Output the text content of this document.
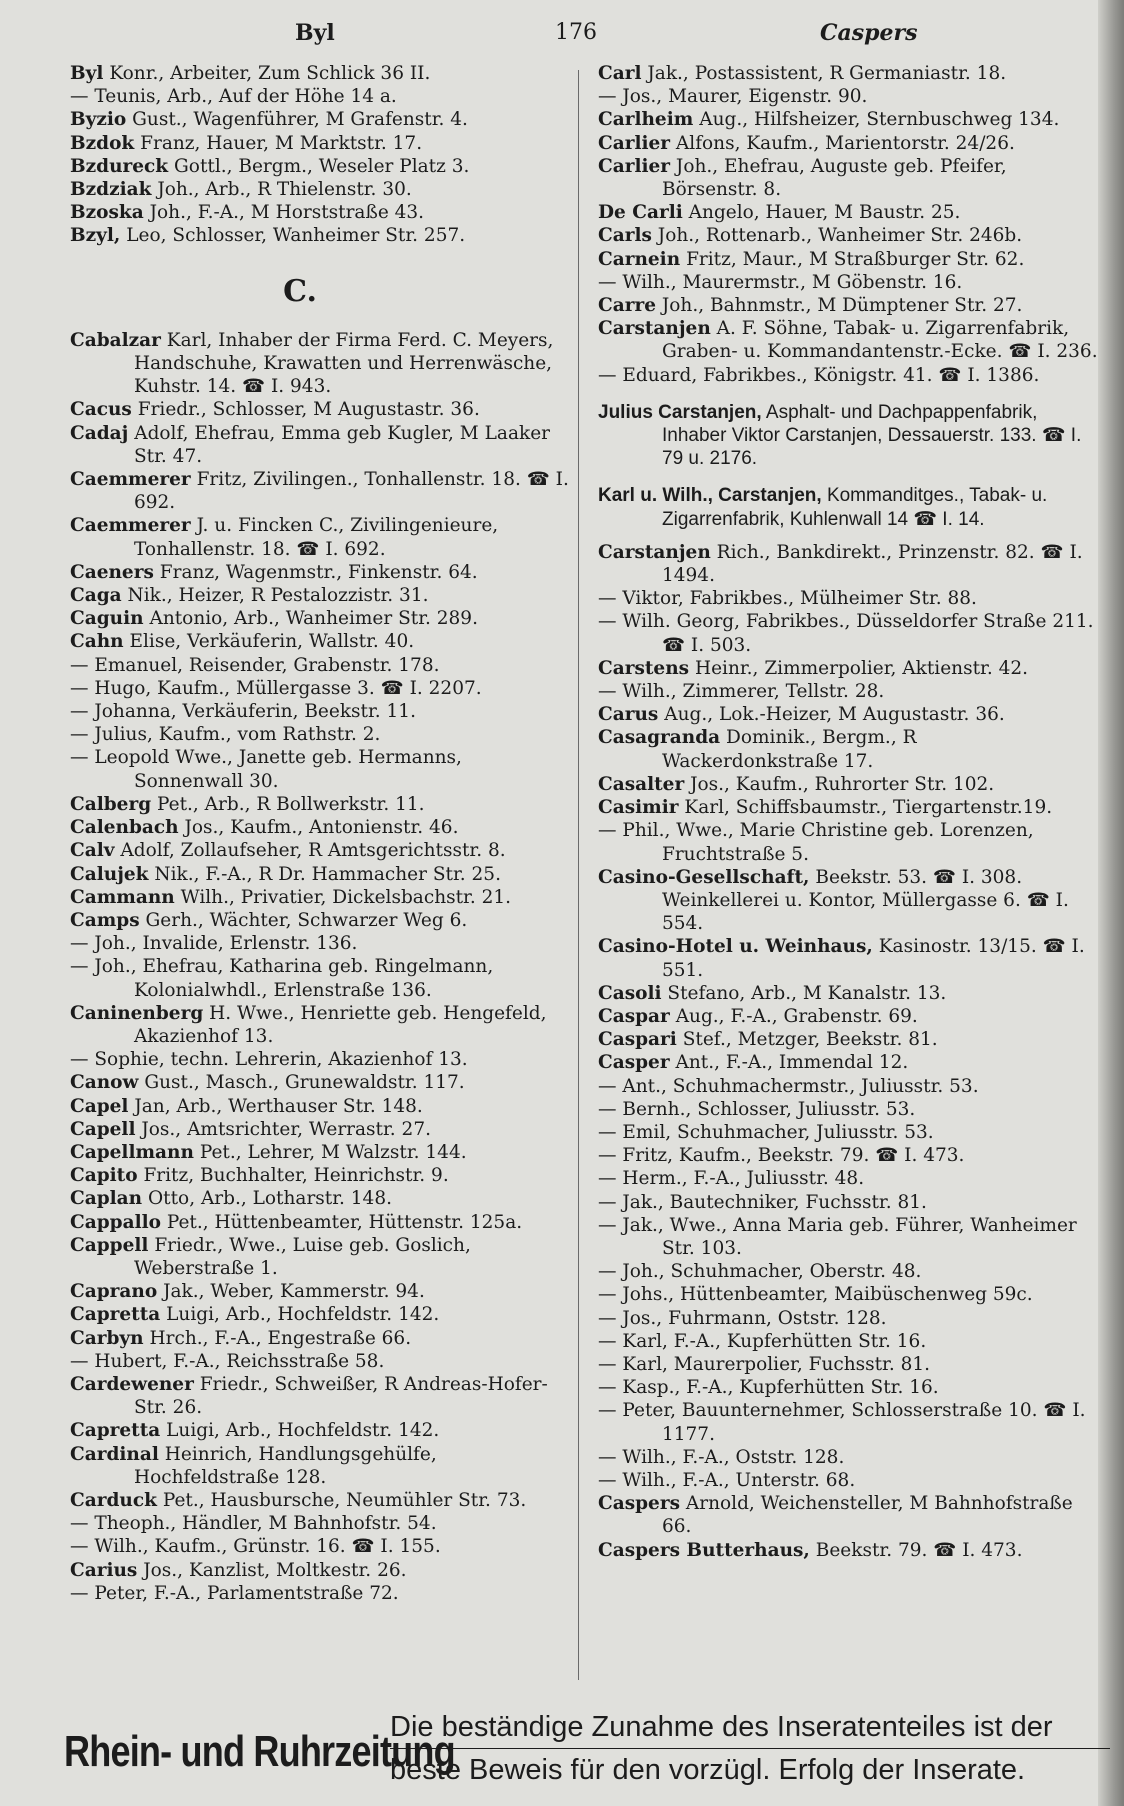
Byl	176	Caspers

Byl Konr., Arbeiter, Zum Schlick 36 II.

— Teunis, Arb., Auf der Höhe 14 a.

Byzio Gust., Wagenführer, M Grafenstr. 4.

Bzdok Franz, Hauer, M Marktstr. 17.

Bzdureck Gottl., Bergm., Weseler Platz 3.

Bzdziak Joh., Arb., R Thielenstr. 30.

Bzoska Joh., F.-A., M Horststraße 43.

Bzyl, Leo, Schlosser, Wanheimer Str. 257.

C.

Cabalzar Karl, Inhaber der Firma Ferd. C. Meyers, Handschuhe, Krawatten und Herrenwäsche, Kuhstr. 14. ☎ I. 943.

Cacus Friedr., Schlosser, M Augustastr. 36.

Cadaj Adolf, Ehefrau, Emma geb Kugler, M Laaker Str. 47.

Caemmerer Fritz, Zivilingen., Tonhallenstr. 18. ☎ I. 692.

Caemmerer J. u. Fincken C., Zivilingenieure, Tonhallenstr. 18. ☎ I. 692.

Caeners Franz, Wagenmstr., Finkenstr. 64.

Caga Nik., Heizer, R Pestalozzistr. 31.

Caguin Antonio, Arb., Wanheimer Str. 289.

Cahn Elise, Verkäuferin, Wallstr. 40.

— Emanuel, Reisender, Grabenstr. 178.

— Hugo, Kaufm., Müllergasse 3. ☎ I. 2207.

— Johanna, Verkäuferin, Beekstr. 11.

— Julius, Kaufm., vom Rathstr. 2.

— Leopold Wwe., Janette geb. Hermanns, Sonnenwall 30.

Calberg Pet., Arb., R Bollwerkstr. 11.

Calenbach Jos., Kaufm., Antonienstr. 46.

Calv Adolf, Zollaufseher, R Amtsgerichtsstr. 8.

Calujek Nik., F.-A., R Dr. Hammacher Str. 25.

Cammann Wilh., Privatier, Dickelsbachstr. 21.

Camps Gerh., Wächter, Schwarzer Weg 6.

— Joh., Invalide, Erlenstr. 136.

— Joh., Ehefrau, Katharina geb. Ringelmann, Kolonialwhdl., Erlenstraße 136.

Caninenberg H. Wwe., Henriette geb. Hengefeld, Akazienhof 13.

— Sophie, techn. Lehrerin, Akazienhof 13.

Canow Gust., Masch., Grunewaldstr. 117.

Capel Jan, Arb., Werthauser Str. 148.

Capell Jos., Amtsrichter, Werrastr. 27.

Capellmann Pet., Lehrer, M Walzstr. 144.

Capito Fritz, Buchhalter, Heinrichstr. 9.

Caplan Otto, Arb., Lotharstr. 148.

Cappallo Pet., Hüttenbeamter, Hüttenstr. 125a.

Cappell Friedr., Wwe., Luise geb. Goslich, Weberstraße 1.

Caprano Jak., Weber, Kammerstr. 94.

Capretta Luigi, Arb., Hochfeldstr. 142.

Carbyn Hrch., F.-A., Engestraße 66.

— Hubert, F.-A., Reichsstraße 58.

Cardewener Friedr., Schweißer, R Andreas-Hofer-Str. 26.

Capretta Luigi, Arb., Hochfeldstr. 142.

Cardinal Heinrich, Handlungsgehülfe, Hochfeldstraße 128.

Carduck Pet., Hausbursche, Neumühler Str. 73.

— Theoph., Händler, M Bahnhofstr. 54.

— Wilh., Kaufm., Grünstr. 16. ☎ I. 155.

Carius Jos., Kanzlist, Moltkestr. 26.

— Peter, F.-A., Parlamentstraße 72.

Carl Jak., Postassistent, R Germaniastr. 18.

— Jos., Maurer, Eigenstr. 90.

Carlheim Aug., Hilfsheizer, Sternbuschweg 134.

Carlier Alfons, Kaufm., Marientorstr. 24/26.

Carlier Joh., Ehefrau, Auguste geb. Pfeifer, Börsenstr. 8.

De Carli Angelo, Hauer, M Baustr. 25.

Carls Joh., Rottenarb., Wanheimer Str. 246b.

Carnein Fritz, Maur., M Straßburger Str. 62.

— Wilh., Maurermstr., M Göbenstr. 16.

Carre Joh., Bahnmstr., M Dümptener Str. 27.

Carstanjen A. F. Söhne, Tabak- u. Zigarrenfabrik, Graben- u. Kommandantenstr.-Ecke. ☎ I. 236.

— Eduard, Fabrikbes., Königstr. 41. ☎ I. 1386.

Julius Carstanjen, Asphalt- und Dachpappenfabrik, Inhaber Viktor Carstanjen, Dessauerstr. 133. ☎ I. 79 u. 2176.

Karl u. Wilh., Carstanjen, Kommanditges., Tabak- u. Zigarrenfabrik, Kuhlenwall 14 ☎ I. 14.

Carstanjen Rich., Bankdirekt., Prinzenstr. 82. ☎ I. 1494.

— Viktor, Fabrikbes., Mülheimer Str. 88.

— Wilh. Georg, Fabrikbes., Düsseldorfer Straße 211. ☎ I. 503.

Carstens Heinr., Zimmerpolier, Aktienstr. 42.

— Wilh., Zimmerer, Tellstr. 28.

Carus Aug., Lok.-Heizer, M Augustastr. 36.

Casagranda Dominik., Bergm., R Wackerdonkstraße 17.

Casalter Jos., Kaufm., Ruhrorter Str. 102.

Casimir Karl, Schiffsbaumstr., Tiergartenstr.19.

— Phil., Wwe., Marie Christine geb. Lorenzen, Fruchtstraße 5.

Casino-Gesellschaft, Beekstr. 53. ☎ I. 308. Weinkellerei u. Kontor, Müllergasse 6. ☎ I. 554.

Casino-Hotel u. Weinhaus, Kasinostr. 13/15. ☎ I. 551.

Casoli Stefano, Arb., M Kanalstr. 13.

Caspar Aug., F.-A., Grabenstr. 69.

Caspari Stef., Metzger, Beekstr. 81.

Casper Ant., F.-A., Immendal 12.

— Ant., Schuhmachermstr., Juliusstr. 53.

— Bernh., Schlosser, Juliusstr. 53.

— Emil, Schuhmacher, Juliusstr. 53.

— Fritz, Kaufm., Beekstr. 79. ☎ I. 473.

— Herm., F.-A., Juliusstr. 48.

— Jak., Bautechniker, Fuchsstr. 81.

— Jak., Wwe., Anna Maria geb. Führer, Wanheimer Str. 103.

— Joh., Schuhmacher, Oberstr. 48.

— Johs., Hüttenbeamter, Maibüschenweg 59c.

— Jos., Fuhrmann, Oststr. 128.

— Karl, F.-A., Kupferhütten Str. 16.

— Karl, Maurerpolier, Fuchsstr. 81.

— Kasp., F.-A., Kupferhütten Str. 16.

— Peter, Bauunternehmer, Schlosserstraße 10. ☎ I. 1177.

— Wilh., F.-A., Oststr. 128.

— Wilh., F.-A., Unterstr. 68.

Caspers Arnold, Weichensteller, M Bahnhofstraße 66.

Caspers Butterhaus, Beekstr. 79. ☎ I. 473.

Rhein- und Ruhrzeitung
Die beständige Zunahme des Inseratenteiles ist der
beste Beweis für den vorzügl. Erfolg der Inserate.
